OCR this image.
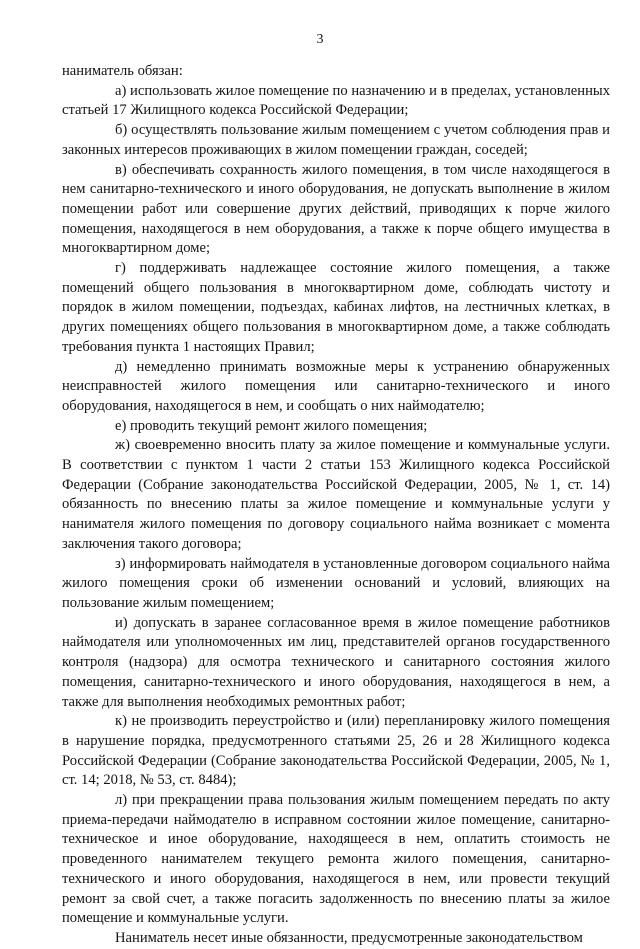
3

наниматель обязан:

а) использовать жилое помещение по назначению и в пределах, установленных статьей 17 Жилищного кодекса Российской Федерации;

б) осуществлять пользование жилым помещением с учетом соблюдения прав и законных интересов проживающих в жилом помещении граждан, соседей;

в) обеспечивать сохранность жилого помещения, в том числе находящегося в нем санитарно-технического и иного оборудования, не допускать выполнение в жилом помещении работ или совершение других действий, приводящих к порче жилого помещения, находящегося в нем оборудования, а также к порче общего имущества в многоквартирном доме;

г) поддерживать надлежащее состояние жилого помещения, а также помещений общего пользования в многоквартирном доме, соблюдать чистоту и порядок в жилом помещении, подъездах, кабинах лифтов, на лестничных клетках, в других помещениях общего пользования в многоквартирном доме, а также соблюдать требования пункта 1 настоящих Правил;

д) немедленно принимать возможные меры к устранению обнаруженных неисправностей жилого помещения или санитарно-технического и иного оборудования, находящегося в нем, и сообщать о них наймодателю;

е) проводить текущий ремонт жилого помещения;

ж) своевременно вносить плату за жилое помещение и коммунальные услуги. В соответствии с пунктом 1 части 2 статьи 153 Жилищного кодекса Российской Федерации (Собрание законодательства Российской Федерации, 2005, № 1, ст. 14) обязанность по внесению платы за жилое помещение и коммунальные услуги у нанимателя жилого помещения по договору социального найма возникает с момента заключения такого договора;

з) информировать наймодателя в установленные договором социального найма жилого помещения сроки об изменении оснований и условий, влияющих на пользование жилым помещением;

и) допускать в заранее согласованное время в жилое помещение работников наймодателя или уполномоченных им лиц, представителей органов государственного контроля (надзора) для осмотра технического и санитарного состояния жилого помещения, санитарно-технического и иного оборудования, находящегося в нем, а также для выполнения необходимых ремонтных работ;

к) не производить переустройство и (или) перепланировку жилого помещения в нарушение порядка, предусмотренного статьями 25, 26 и 28 Жилищного кодекса Российской Федерации (Собрание законодательства Российской Федерации, 2005, № 1, ст. 14; 2018, № 53, ст. 8484);

л) при прекращении права пользования жилым помещением передать по акту приема-передачи наймодателю в исправном состоянии жилое помещение, санитарно-техническое и иное оборудование, находящееся в нем, оплатить стоимость не проведенного нанимателем текущего ремонта жилого помещения, санитарно-технического и иного оборудования, находящегося в нем, или провести текущий ремонт за свой счет, а также погасить задолженность по внесению платы за жилое помещение и коммунальные услуги.

Наниматель несет иные обязанности, предусмотренные законодательством
